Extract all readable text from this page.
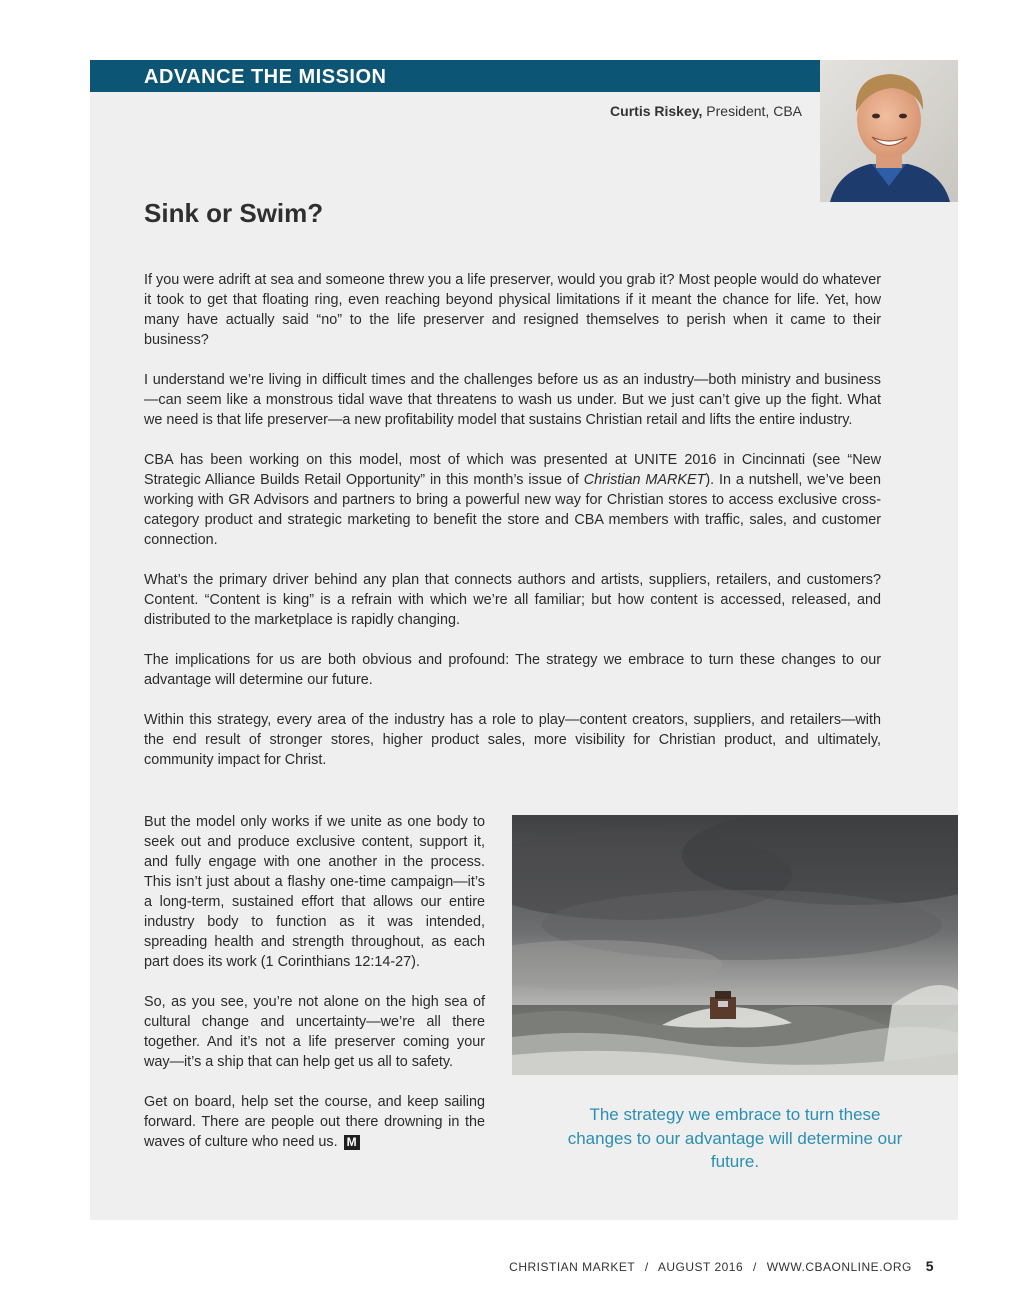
ADVANCE THE MISSION
Curtis Riskey, President, CBA
Sink or Swim?

If you were adrift at sea and someone threw you a life preserver, would you grab it? Most people would do whatever it took to get that floating ring, even reaching beyond physical limitations if it meant the chance for life. Yet, how many have actually said “no” to the life preserver and resigned themselves to perish when it came to their business?

I understand we’re living in difficult times and the challenges before us as an industry—both ministry and business—can seem like a monstrous tidal wave that threatens to wash us under. But we just can’t give up the fight. What we need is that life preserver—a new profitability model that sustains Christian retail and lifts the entire industry.

CBA has been working on this model, most of which was presented at UNITE 2016 in Cincinnati (see “New Strategic Alliance Builds Retail Opportunity” in this month’s issue of Christian MARKET). In a nutshell, we’ve been working with GR Advisors and partners to bring a powerful new way for Christian stores to access exclusive cross-category product and strategic marketing to benefit the store and CBA members with traffic, sales, and customer connection.

What’s the primary driver behind any plan that connects authors and artists, suppliers, retailers, and customers? Content. “Content is king” is a refrain with which we’re all familiar; but how content is accessed, released, and distributed to the marketplace is rapidly changing.

The implications for us are both obvious and profound: The strategy we embrace to turn these changes to our advantage will determine our future.

Within this strategy, every area of the industry has a role to play—content creators, suppliers, and retailers—with the end result of stronger stores, higher product sales, more visibility for Christian product, and ultimately, community impact for Christ.

But the model only works if we unite as one body to seek out and produce exclusive content, support it, and fully engage with one another in the process. This isn’t just about a flashy one-time campaign—it’s a long-term, sustained effort that allows our entire industry body to function as it was intended, spreading health and strength throughout, as each part does its work (1 Corinthians 12:14-27).

So, as you see, you’re not alone on the high sea of cultural change and uncertainty—we’re all there together. And it’s not a life preserver coming your way—it’s a ship that can help get us all to safety.

Get on board, help set the course, and keep sailing forward. There are people out there drowning in the waves of culture who need us. M

The strategy we embrace to turn these changes to our advantage will determine our future.
CHRISTIAN MARKET / AUGUST 2016 / WWW.CBAONLINE.ORG 5
